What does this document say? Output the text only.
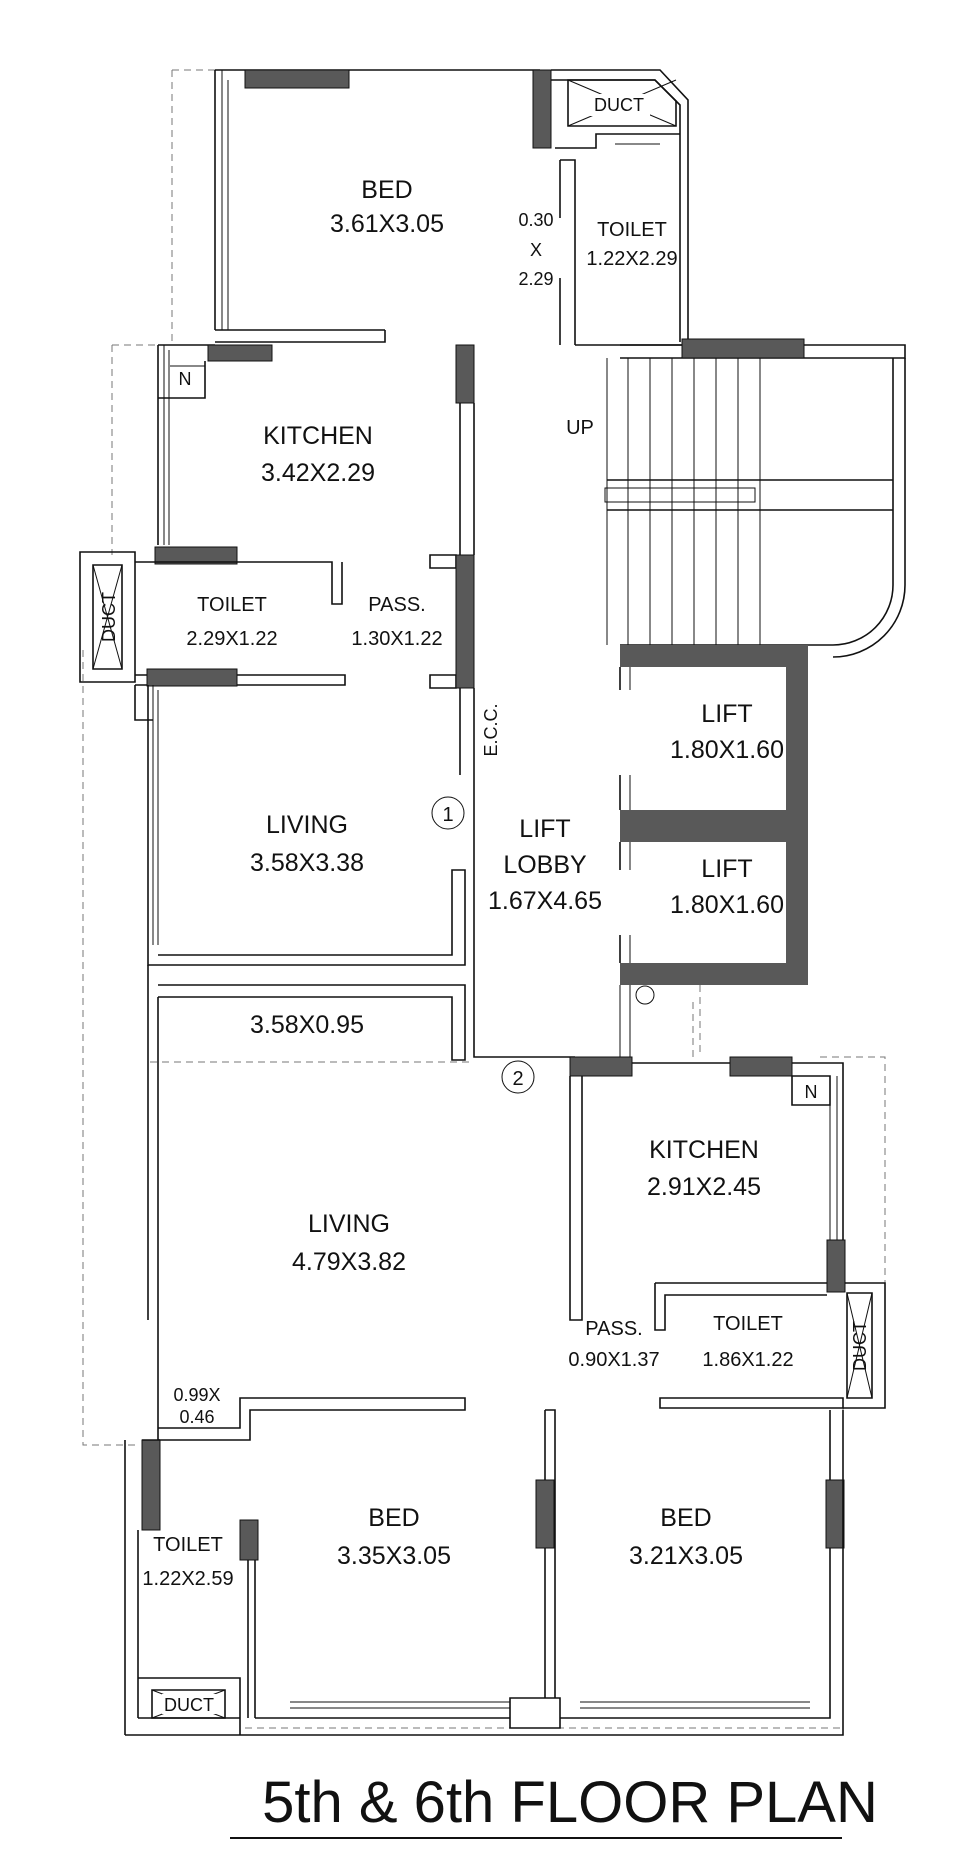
DUCT
UP
N
DUCT
E.C.C.
N
DUCT
BED
3.61X3.05	0.30
X
2.29
TOILET
1.22X2.29
KITCHEN
3.42X2.29
TOILET
2.29X1.22
PASS.
1.30X1.22
LIFT
1.80X1.60
LIFT
1.80X1.60
1
LIVING
3.58X3.38
LIFT
LOBBY
1.67X4.65
3.58X0.95
2
KITCHEN
2.91X2.45
LIVING
4.79X3.82
PASS.
0.90X1.37
TOILET
1.86X1.22
0.99X
0.46
TOILET
1.22X2.59
BED
3.35X3.05
BED
3.21X3.05
DUCT
5th & 6th FLOOR PLAN
